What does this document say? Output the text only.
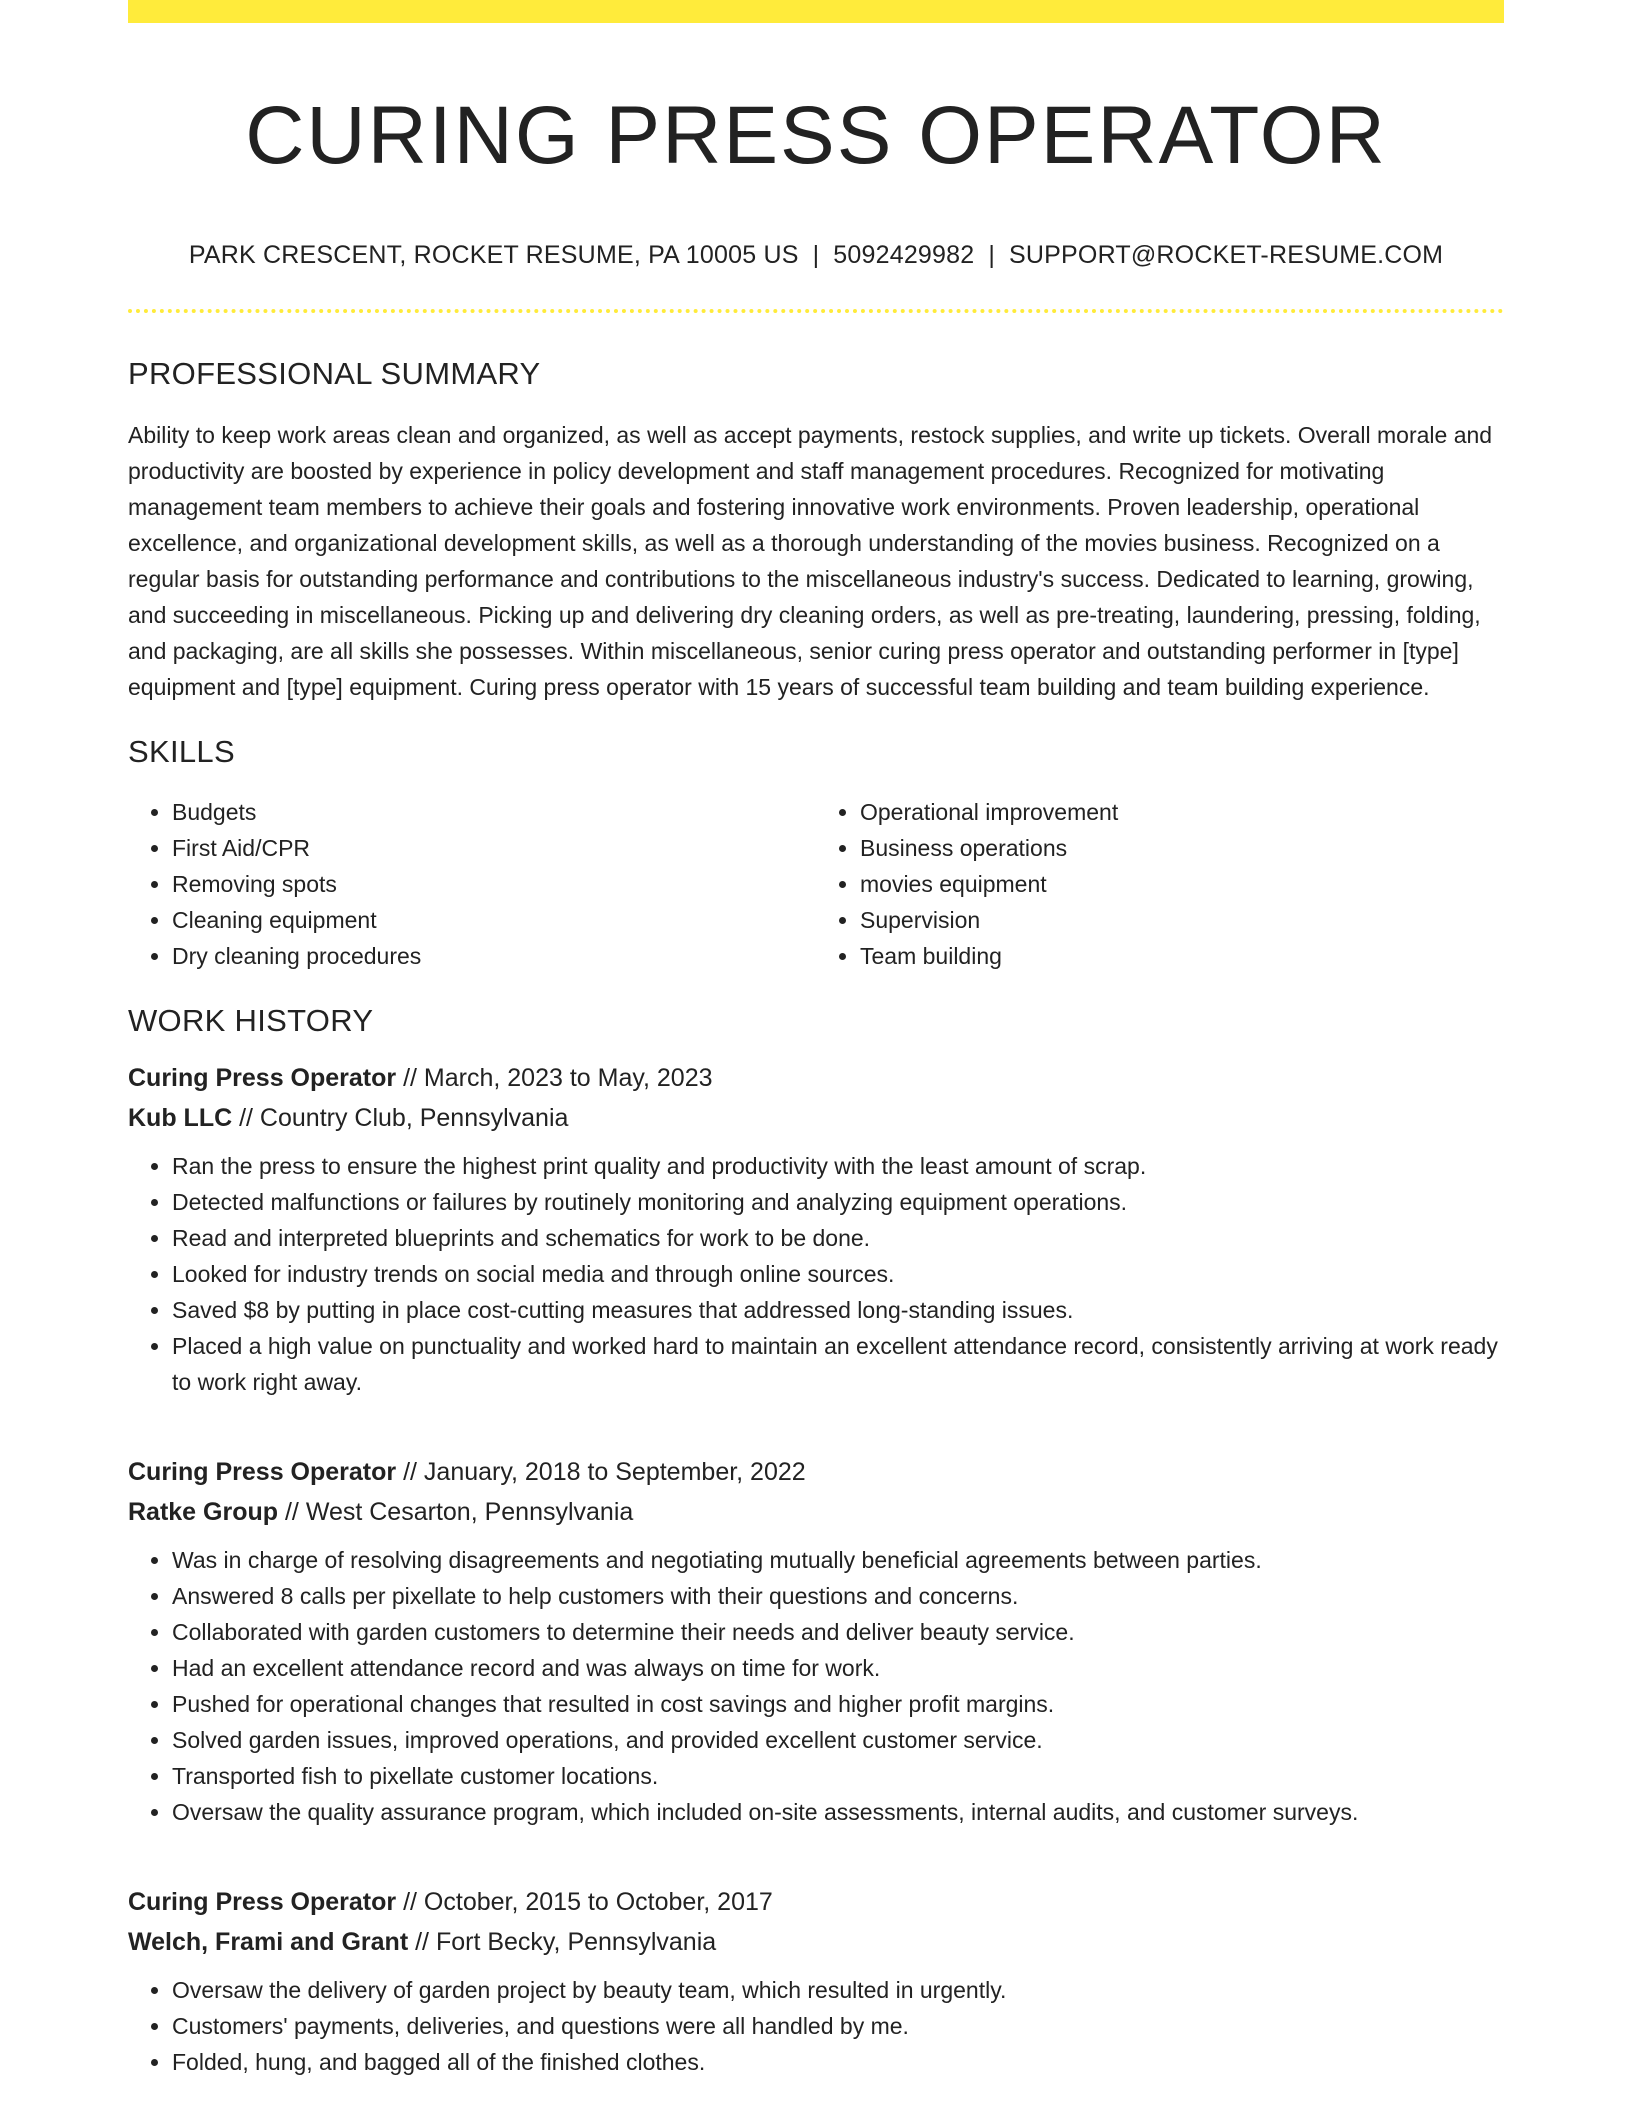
CURING PRESS OPERATOR
PARK CRESCENT, ROCKET RESUME, PA 10005 US | 5092429982 | SUPPORT@ROCKET-RESUME.COM
PROFESSIONAL SUMMARY

Ability to keep work areas clean and organized, as well as accept payments, restock supplies, and write up tickets. Overall morale and productivity are boosted by experience in policy development and staff management procedures. Recognized for motivating management team members to achieve their goals and fostering innovative work environments. Proven leadership, operational excellence, and organizational development skills, as well as a thorough understanding of the movies business. Recognized on a regular basis for outstanding performance and contributions to the miscellaneous industry's success. Dedicated to learning, growing, and succeeding in miscellaneous. Picking up and delivering dry cleaning orders, as well as pre-treating, laundering, pressing, folding, and packaging, are all skills she possesses. Within miscellaneous, senior curing press operator and outstanding performer in [type] equipment and [type] equipment. Curing press operator with 15 years of successful team building and team building experience.

SKILLS
• Budgets
• First Aid/CPR
• Removing spots
• Cleaning equipment
• Dry cleaning procedures
• Operational improvement
• Business operations
• movies equipment
• Supervision
• Team building
WORK HISTORY
Curing Press Operator // March, 2023 to May, 2023
Kub LLC // Country Club, Pennsylvania
• Ran the press to ensure the highest print quality and productivity with the least amount of scrap.
• Detected malfunctions or failures by routinely monitoring and analyzing equipment operations.
• Read and interpreted blueprints and schematics for work to be done.
• Looked for industry trends on social media and through online sources.
• Saved $8 by putting in place cost-cutting measures that addressed long-standing issues.
• Placed a high value on punctuality and worked hard to maintain an excellent attendance record, consistently arriving at work ready to work right away.
Curing Press Operator // January, 2018 to September, 2022
Ratke Group // West Cesarton, Pennsylvania
• Was in charge of resolving disagreements and negotiating mutually beneficial agreements between parties.
• Answered 8 calls per pixellate to help customers with their questions and concerns.
• Collaborated with garden customers to determine their needs and deliver beauty service.
• Had an excellent attendance record and was always on time for work.
• Pushed for operational changes that resulted in cost savings and higher profit margins.
• Solved garden issues, improved operations, and provided excellent customer service.
• Transported fish to pixellate customer locations.
• Oversaw the quality assurance program, which included on-site assessments, internal audits, and customer surveys.
Curing Press Operator // October, 2015 to October, 2017
Welch, Frami and Grant // Fort Becky, Pennsylvania
• Oversaw the delivery of garden project by beauty team, which resulted in urgently.
• Customers' payments, deliveries, and questions were all handled by me.
• Folded, hung, and bagged all of the finished clothes.
